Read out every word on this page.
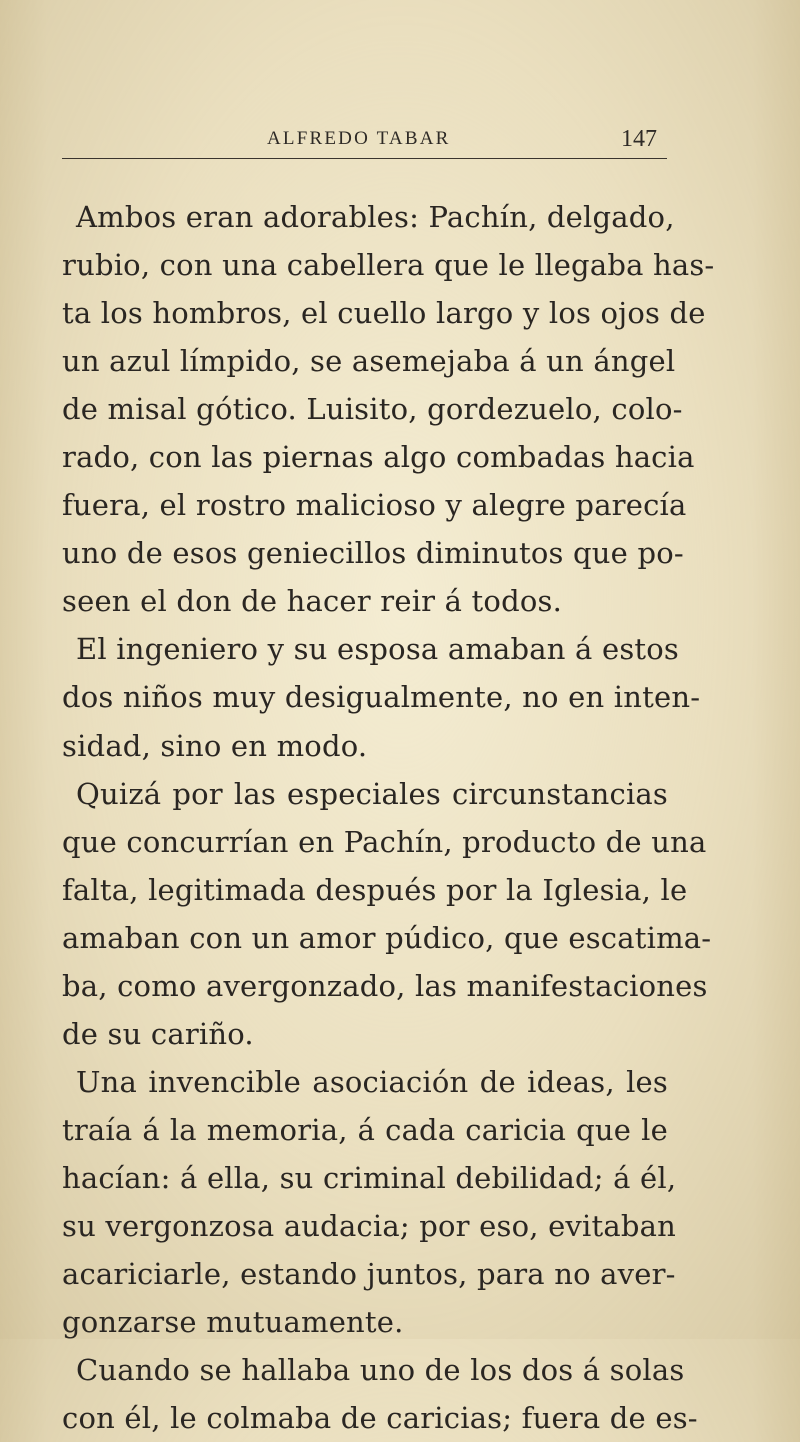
ALFREDO TABAR	147
Ambos eran adorables: Pachín, delgado,
rubio, con una cabellera que le llegaba has-
ta los hombros, el cuello largo y los ojos de
un azul límpido, se asemejaba á un ángel
de misal gótico. Luisito, gordezuelo, colo-
rado, con las piernas algo combadas hacia
fuera, el rostro malicioso y alegre parecía
uno de esos geniecillos diminutos que po-
seen el don de hacer reir á todos.
El ingeniero y su esposa amaban á estos
dos niños muy desigualmente, no en inten-
sidad, sino en modo.
Quizá por las especiales circunstancias
que concurrían en Pachín, producto de una
falta, legitimada después por la Iglesia, le
amaban con un amor púdico, que escatima-
ba, como avergonzado, las manifestaciones
de su cariño.
Una invencible asociación de ideas, les
traía á la memoria, á cada caricia que le
hacían: á ella, su criminal debilidad; á él,
su vergonzosa audacia; por eso, evitaban
acariciarle, estando juntos, para no aver-
gonzarse mutuamente.
Cuando se hallaba uno de los dos á solas
con él, le colmaba de caricias; fuera de es-
